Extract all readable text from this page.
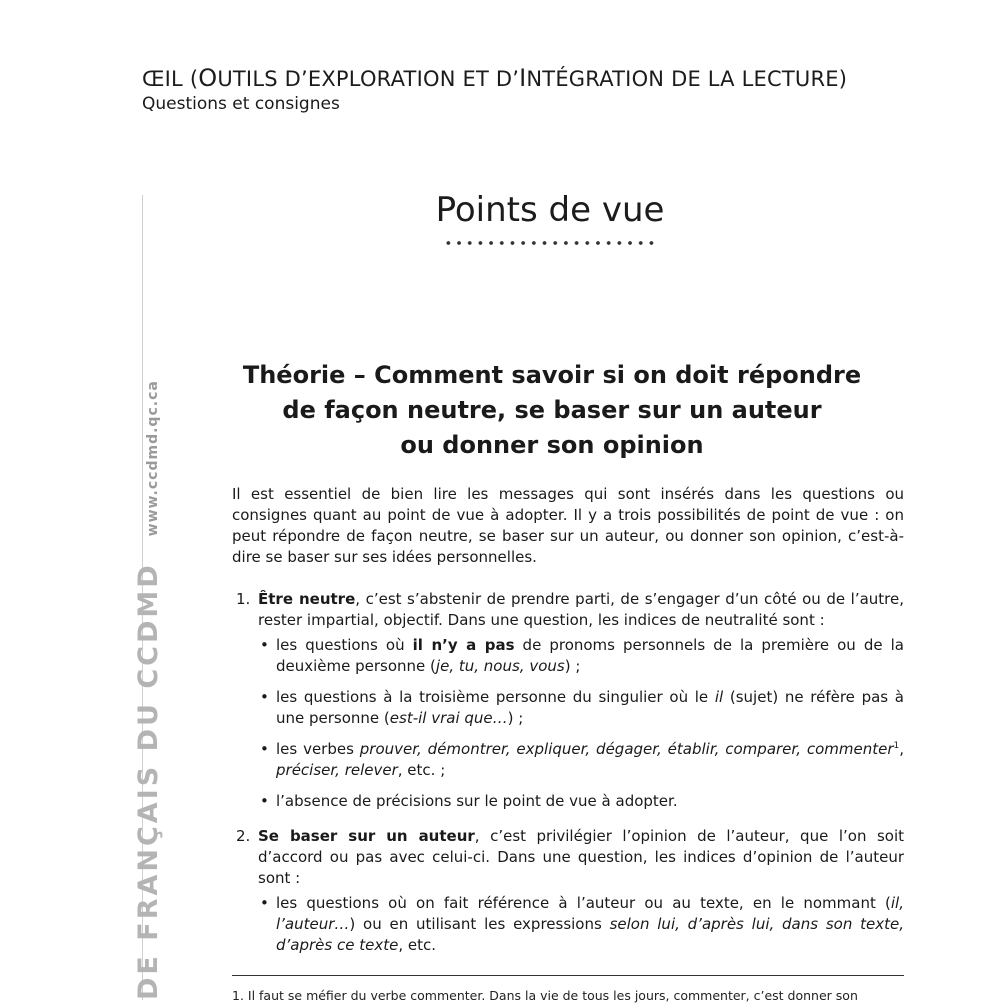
ŒIL (OUTILS D’EXPLORATION ET D’INTÉGRATION DE LA LECTURE)
Questions et consignes
DE FRANÇAIS DU CCDMD
www.ccdmd.qc.ca
Points de vue
Théorie – Comment savoir si on doit répondre
de façon neutre, se baser sur un auteur
ou donner son opinion

Il est essentiel de bien lire les messages qui sont insérés dans les questions ou consignes quant au point de vue à adopter. Il y a trois possibilités de point de vue : on peut répondre de façon neutre, se baser sur un auteur, ou donner son opinion, c’est-à-dire se baser sur ses idées personnelles.

1. Être neutre, c’est s’abstenir de prendre parti, de s’engager d’un côté ou de l’autre, rester impartial, objectif. Dans une question, les indices de neutralité sont :
• les questions où il n’y a pas de pronoms personnels de la première ou de la deuxième personne (je, tu, nous, vous) ;
• les questions à la troisième personne du singulier où le il (sujet) ne réfère pas à une personne (est-il vrai que…) ;
• les verbes prouver, démontrer, expliquer, dégager, établir, comparer, commenter$^1$, préciser, relever, etc. ;
• l’absence de précisions sur le point de vue à adopter.
2. Se baser sur un auteur, c’est privilégier l’opinion de l’auteur, que l’on soit d’accord ou pas avec celui-ci. Dans une question, les indices d’opinion de l’auteur sont :
• les questions où on fait référence à l’auteur ou au texte, en le nommant (il, l’auteur…) ou en utilisant les expressions selon lui, d’après lui, dans son texte, d’après ce texte, etc.
1. Il faut se méfier du verbe commenter. Dans la vie de tous les jours, commenter, c’est donner son
